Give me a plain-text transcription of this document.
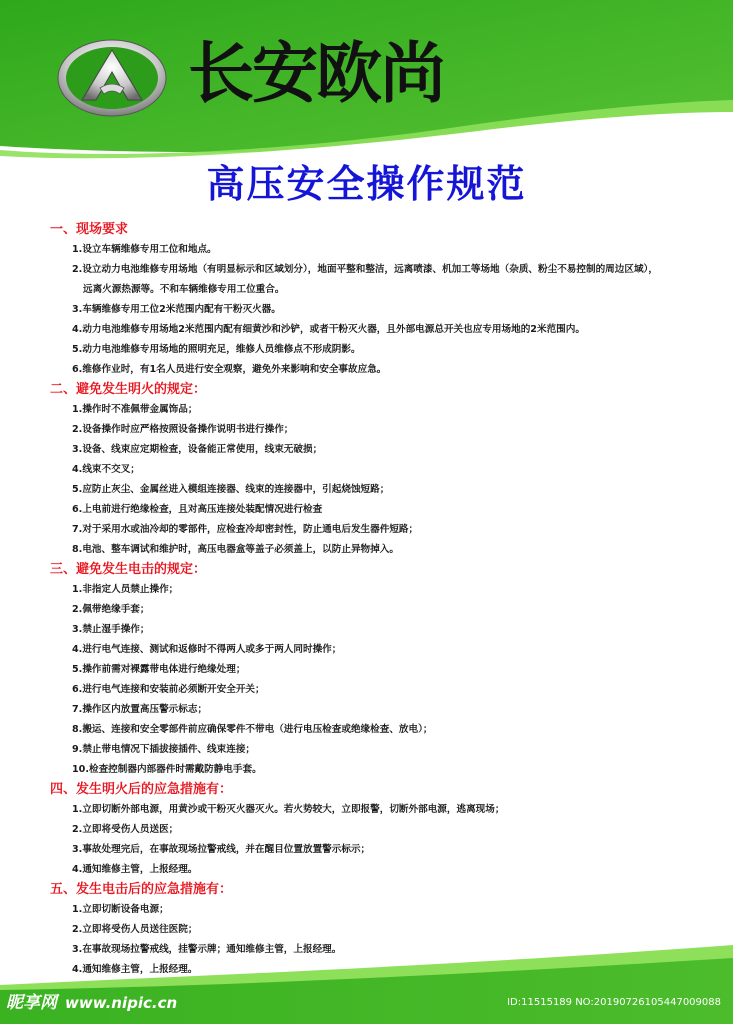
长安欧尚
高压安全操作规范

一、现场要求

1.设立车辆维修专用工位和地点。

2.设立动力电池维修专用场地（有明显标示和区域划分），地面平整和整洁，远离喷漆、机加工等场地（杂质、粉尘不易控制的周边区域），

远离火源热源等。不和车辆维修专用工位重合。

3.车辆维修专用工位2米范围内配有干粉灭火器。

4.动力电池维修专用场地2米范围内配有细黄沙和沙铲，或者干粉灭火器，且外部电源总开关也应专用场地的2米范围内。

5.动力电池维修专用场地的照明充足，维修人员维修点不形成阴影。

6.维修作业时，有1名人员进行安全观察，避免外来影响和安全事故应急。

二、避免发生明火的规定：

1.操作时不准佩带金属饰品；

2.设备操作时应严格按照设备操作说明书进行操作；

3.设备、线束应定期检查，设备能正常使用，线束无破损；

4.线束不交叉；

5.应防止灰尘、金属丝进入模组连接器、线束的连接器中，引起烧蚀短路；

6.上电前进行绝缘检查，且对高压连接处装配情况进行检查

7.对于采用水或油冷却的零部件，应检查冷却密封性，防止通电后发生器件短路；

8.电池、整车调试和维护时，高压电器盒等盖子必须盖上，以防止异物掉入。

三、避免发生电击的规定：

1.非指定人员禁止操作；

2.佩带绝缘手套；

3.禁止湿手操作；

4.进行电气连接、测试和返修时不得两人或多于两人同时操作；

5.操作前需对裸露带电体进行绝缘处理；

6.进行电气连接和安装前必须断开安全开关；

7.操作区内放置高压警示标志；

8.搬运、连接和安全零部件前应确保零件不带电（进行电压检查或绝缘检查、放电）；

9.禁止带电情况下插拔接插件、线束连接；

10.检查控制器内部器件时需戴防静电手套。

四、发生明火后的应急措施有：

1.立即切断外部电源，用黄沙或干粉灭火器灭火。若火势较大，立即报警，切断外部电源，逃离现场；

2.立即将受伤人员送医；

3.事故处理完后，在事故现场拉警戒线，并在醒目位置放置警示标示；

4.通知维修主管，上报经理。

五、发生电击后的应急措施有：

1.立即切断设备电源；

2.立即将受伤人员送往医院；

3.在事故现场拉警戒线，挂警示牌；通知维修主管，上报经理。

4.通知维修主管，上报经理。

昵享网 www.nipic.cn	ID:11515189 NO:20190726105447009088
